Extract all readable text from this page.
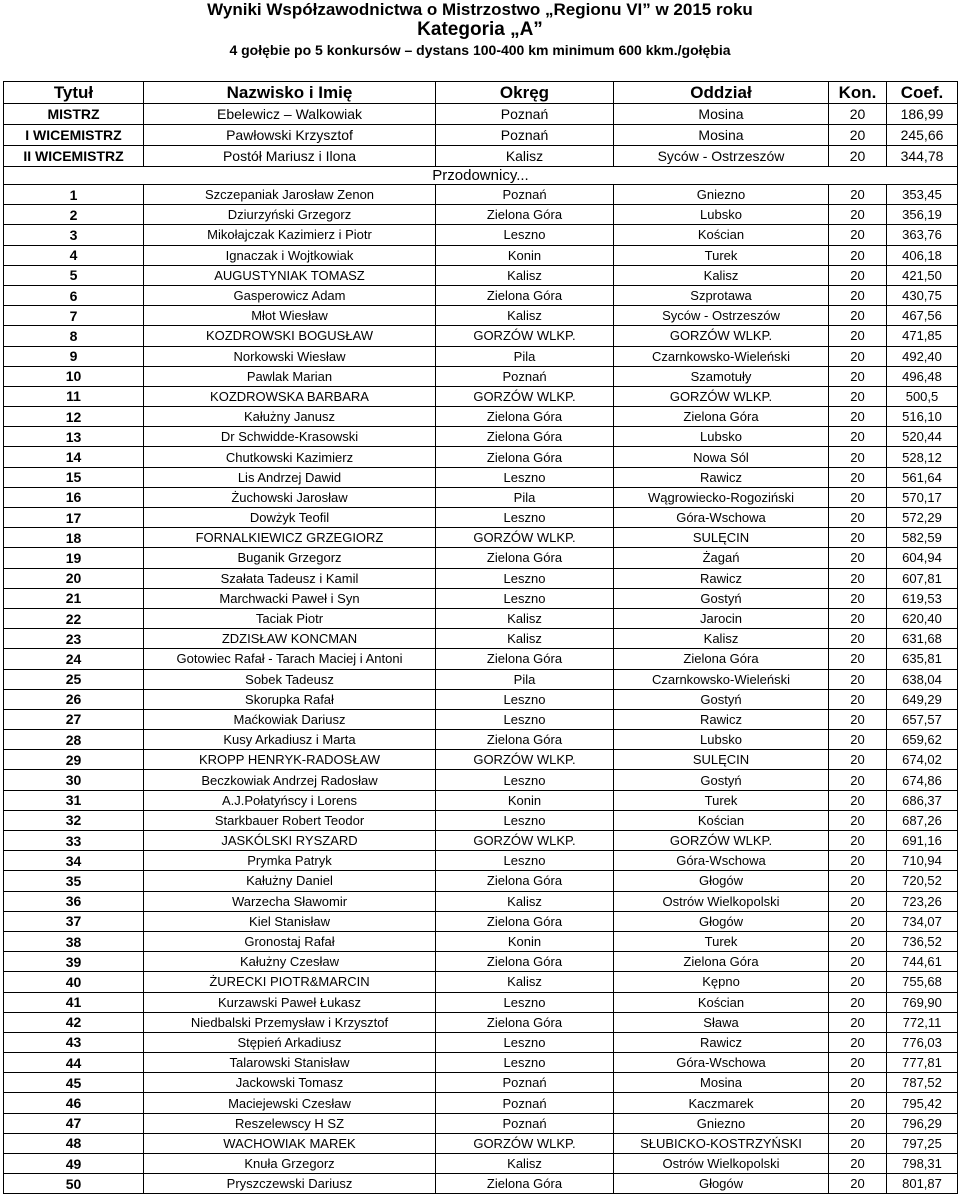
Wyniki Współzawodnictwa o Mistrzostwo „Regionu VI” w 2015 roku
Kategoria „A”
4 gołębie po 5 konkursów – dystans 100-400 km minimum 600 kkm./gołębia
Tytuł	Nazwisko i Imię	Okręg	Oddział	Kon.	Coef.
MISTRZ	Ebelewicz – Walkowiak	Poznań	Mosina	20	186,99
I WICEMISTRZ	Pawłowski Krzysztof	Poznań	Mosina	20	245,66
II WICEMISTRZ	Postół Mariusz i Ilona	Kalisz	Syców - Ostrzeszów	20	344,78
Przodownicy...					
1	Szczepaniak Jarosław Zenon	Poznań	Gniezno	20	353,45
2	Dziurzyński Grzegorz	Zielona Góra	Lubsko	20	356,19
3	Mikołajczak Kazimierz i Piotr	Leszno	Kościan	20	363,76
4	Ignaczak i Wojtkowiak	Konin	Turek	20	406,18
5	AUGUSTYNIAK TOMASZ	Kalisz	Kalisz	20	421,50
6	Gasperowicz Adam	Zielona Góra	Szprotawa	20	430,75
7	Młot Wiesław	Kalisz	Syców - Ostrzeszów	20	467,56
8	KOZDROWSKI BOGUSŁAW	GORZÓW WLKP.	GORZÓW WLKP.	20	471,85
9	Norkowski Wiesław	Pila	Czarnkowsko-Wieleński	20	492,40
10	Pawlak Marian	Poznań	Szamotuły	20	496,48
11	KOZDROWSKA BARBARA	GORZÓW WLKP.	GORZÓW WLKP.	20	500,5
12	Kałużny Janusz	Zielona Góra	Zielona Góra	20	516,10
13	Dr Schwidde-Krasowski	Zielona Góra	Lubsko	20	520,44
14	Chutkowski Kazimierz	Zielona Góra	Nowa Sól	20	528,12
15	Lis Andrzej Dawid	Leszno	Rawicz	20	561,64
16	Żuchowski Jarosław	Pila	Wągrowiecko-Rogoziński	20	570,17
17	Dowżyk Teofil	Leszno	Góra-Wschowa	20	572,29
18	FORNALKIEWICZ GRZEGIORZ	GORZÓW WLKP.	SULĘCIN	20	582,59
19	Buganik Grzegorz	Zielona Góra	Żagań	20	604,94
20	Szałata Tadeusz i Kamil	Leszno	Rawicz	20	607,81
21	Marchwacki Paweł i Syn	Leszno	Gostyń	20	619,53
22	Taciak Piotr	Kalisz	Jarocin	20	620,40
23	ZDZISŁAW KONCMAN	Kalisz	Kalisz	20	631,68
24	Gotowiec Rafał - Tarach Maciej i Antoni	Zielona Góra	Zielona Góra	20	635,81
25	Sobek Tadeusz	Pila	Czarnkowsko-Wieleński	20	638,04
26	Skorupka Rafał	Leszno	Gostyń	20	649,29
27	Maćkowiak Dariusz	Leszno	Rawicz	20	657,57
28	Kusy Arkadiusz i Marta	Zielona Góra	Lubsko	20	659,62
29	KROPP HENRYK-RADOSŁAW	GORZÓW WLKP.	SULĘCIN	20	674,02
30	Beczkowiak Andrzej Radosław	Leszno	Gostyń	20	674,86
31	A.J.Połatyńscy i Lorens	Konin	Turek	20	686,37
32	Starkbauer Robert Teodor	Leszno	Kościan	20	687,26
33	JASKÓLSKI RYSZARD	GORZÓW WLKP.	GORZÓW WLKP.	20	691,16
34	Prymka Patryk	Leszno	Góra-Wschowa	20	710,94
35	Kałużny Daniel	Zielona Góra	Głogów	20	720,52
36	Warzecha Sławomir	Kalisz	Ostrów Wielkopolski	20	723,26
37	Kiel Stanisław	Zielona Góra	Głogów	20	734,07
38	Gronostaj Rafał	Konin	Turek	20	736,52
39	Kałużny Czesław	Zielona Góra	Zielona Góra	20	744,61
40	ŻURECKI PIOTR&MARCIN	Kalisz	Kępno	20	755,68
41	Kurzawski Paweł Łukasz	Leszno	Kościan	20	769,90
42	Niedbalski Przemysław i Krzysztof	Zielona Góra	Sława	20	772,11
43	Stępień Arkadiusz	Leszno	Rawicz	20	776,03
44	Talarowski Stanisław	Leszno	Góra-Wschowa	20	777,81
45	Jackowski Tomasz	Poznań	Mosina	20	787,52
46	Maciejewski Czesław	Poznań	Kaczmarek	20	795,42
47	Reszelewscy H SZ	Poznań	Gniezno	20	796,29
48	WACHOWIAK MAREK	GORZÓW WLKP.	SŁUBICKO-KOSTRZYŃSKI	20	797,25
49	Knuła Grzegorz	Kalisz	Ostrów Wielkopolski	20	798,31
50	Pryszczewski Dariusz	Zielona Góra	Głogów	20	801,87
